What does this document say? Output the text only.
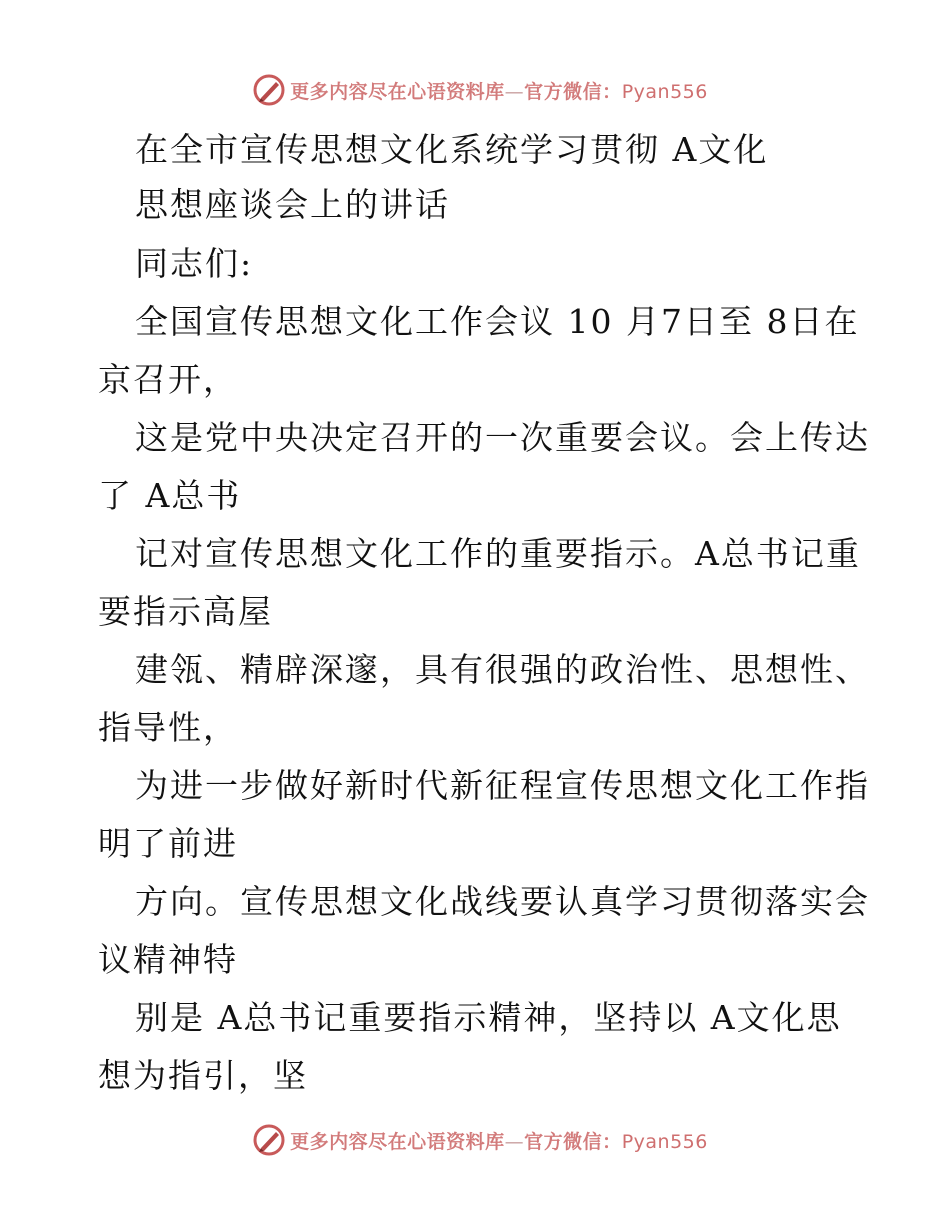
更多内容尽在心语资料库—官方微信：Pyan556
在全市宣传思想文化系统学习贯彻 A文化
思想座谈会上的讲话
同志们:
全国宣传思想文化工作会议 10 月7日至 8日在
京召开，
这是党中央决定召开的一次重要会议。会上传达
了 A总书
记对宣传思想文化工作的重要指示。A总书记重
要指示高屋
建瓴、精辟深邃，具有很强的政治性、思想性、
指导性，
为进一步做好新时代新征程宣传思想文化工作指
明了前进
方向。宣传思想文化战线要认真学习贯彻落实会
议精神特
别是 A总书记重要指示精神，坚持以 A文化思
想为指引，坚
更多内容尽在心语资料库—官方微信：Pyan556
